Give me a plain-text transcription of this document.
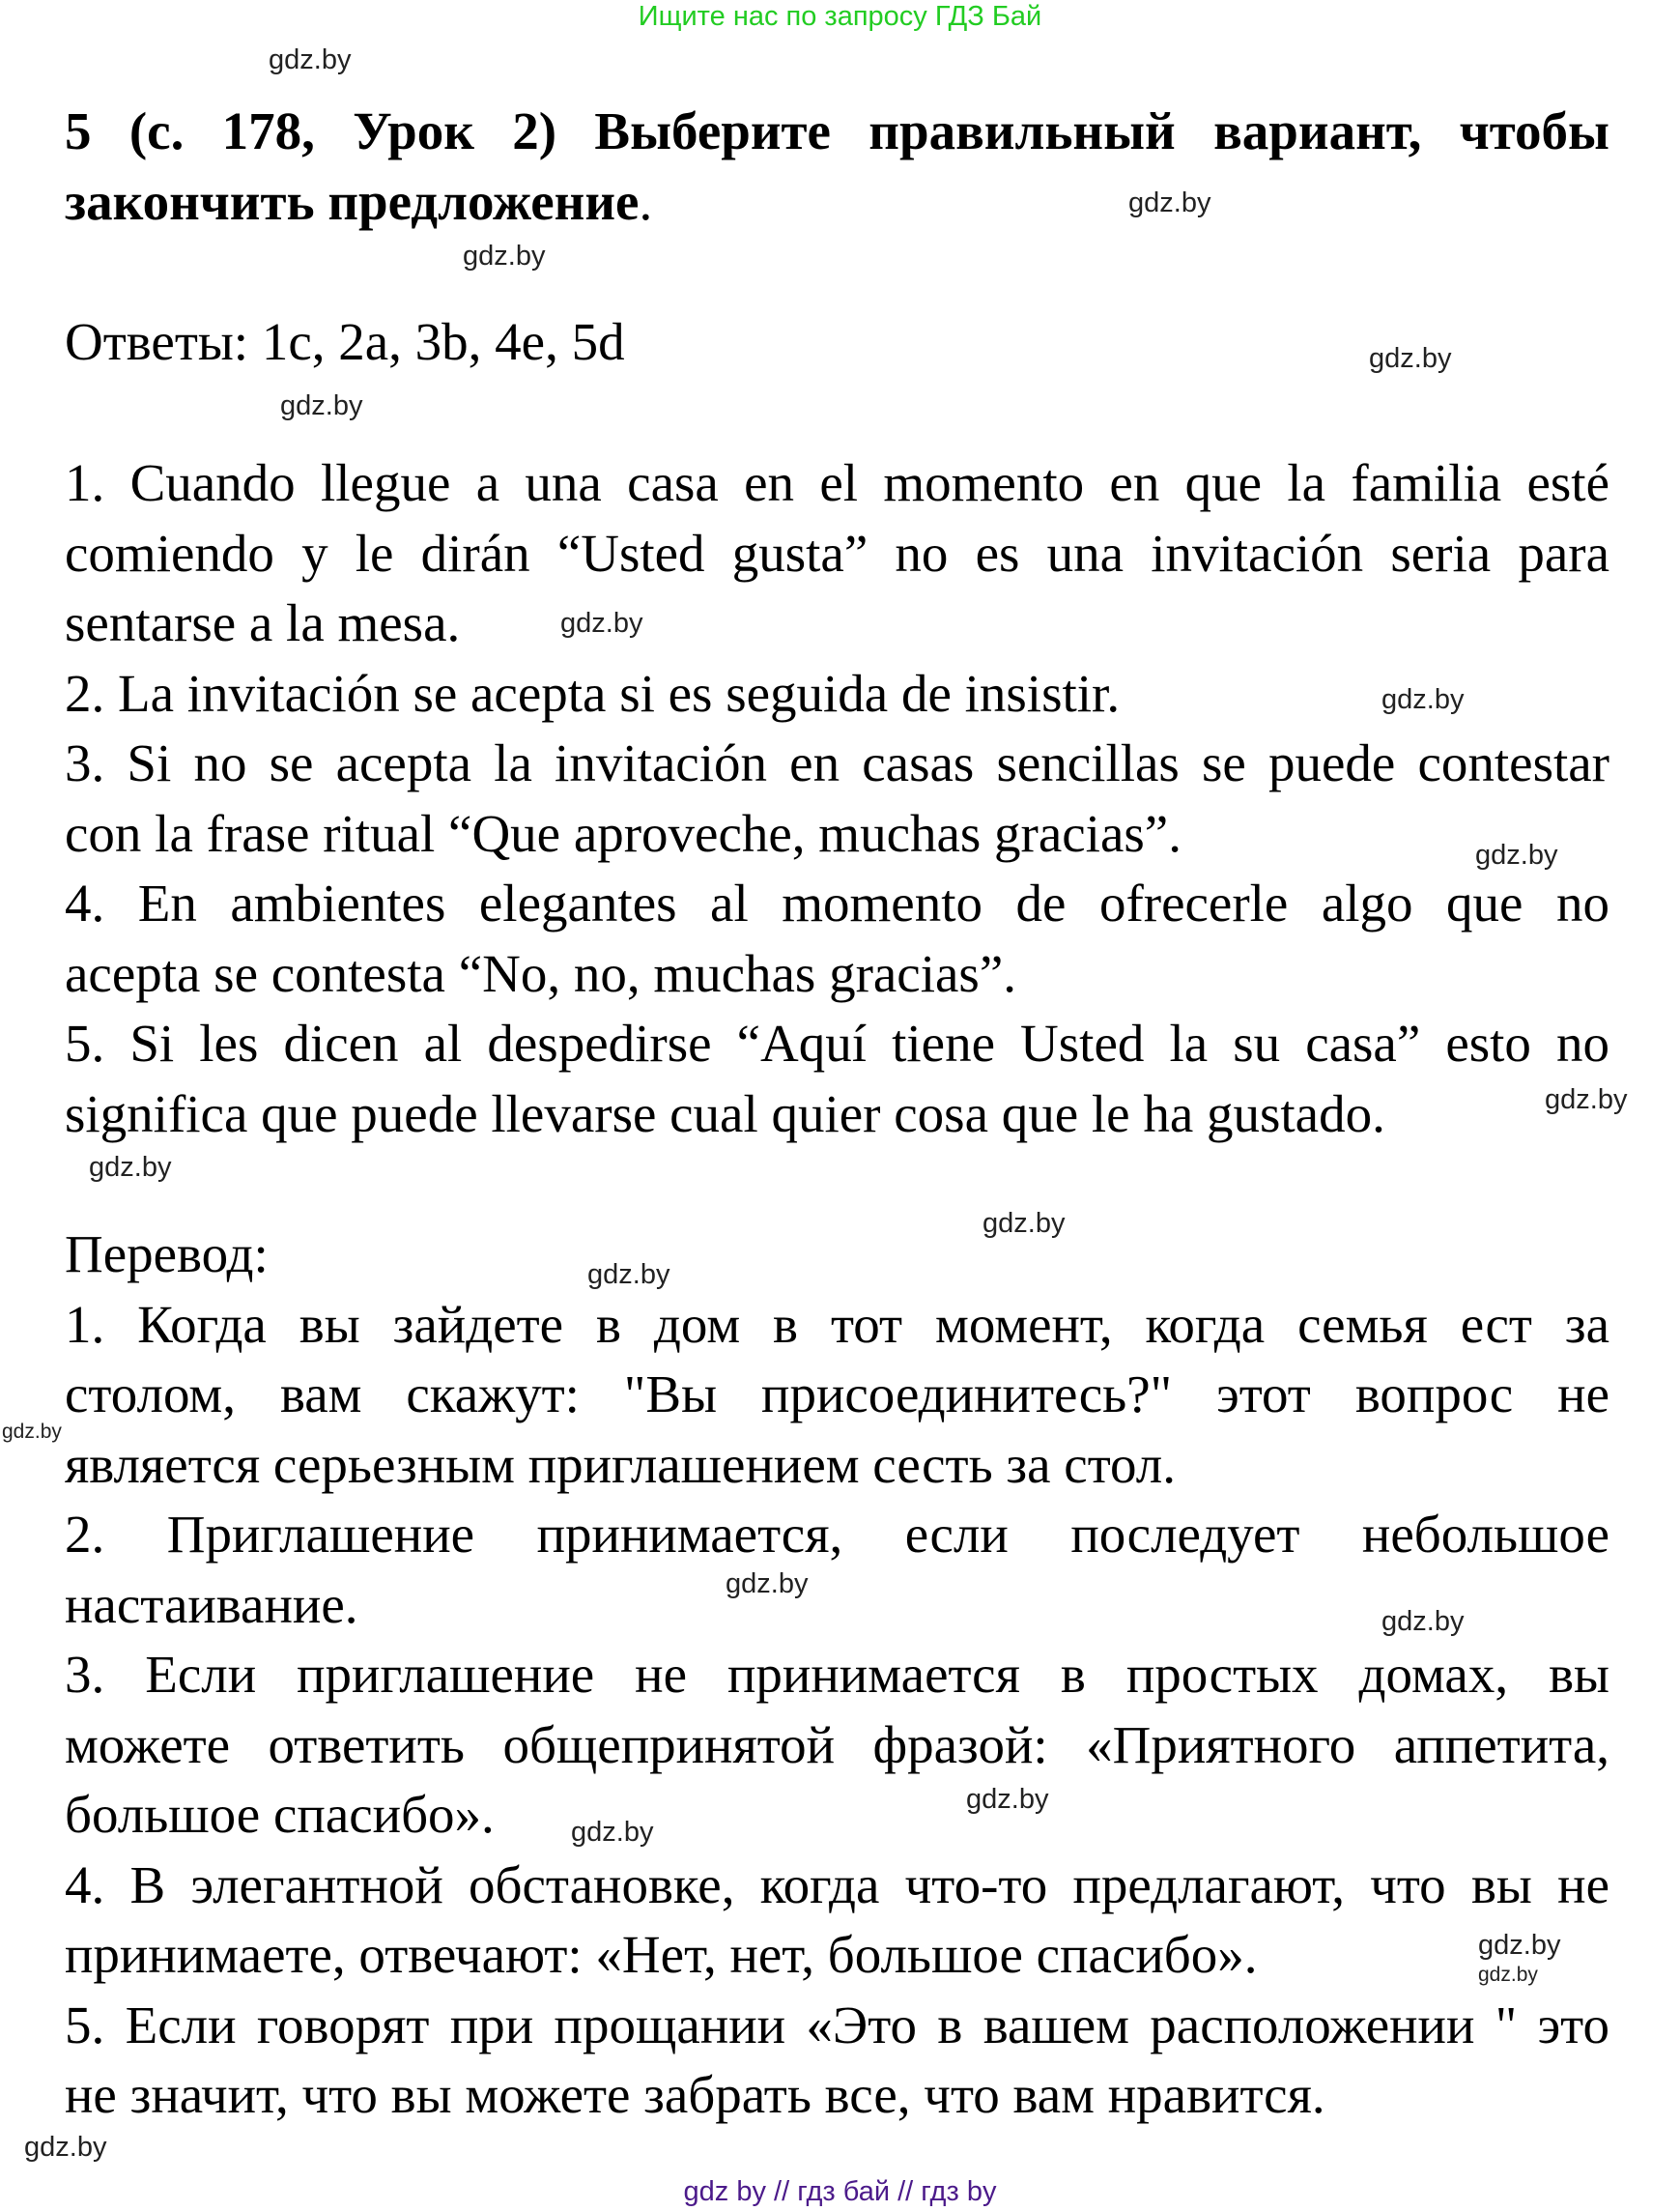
Ищите нас по запросу ГДЗ Бай
5 (с. 178, Урок 2) Выберите правильный вариант, чтобы
закончить предложение.
Ответы: 1c, 2a, 3b, 4e, 5d
1. Cuando llegue a una casa en el momento en que la familia esté
comiendo y le dirán “Usted gusta” no es una invitación seria para
sentarse a la mesa.
2. La invitación se acepta si es seguida de insistir.
3. Si no se acepta la invitación en casas sencillas se puede contestar
con la frase ritual “Que aproveche, muchas gracias”.
4. En ambientes elegantes al momento de ofrecerle algo que no
acepta se contesta “No, no, muchas gracias”.
5. Si les dicen al despedirse “Aquí tiene Usted la su casa” esto no
significa que puede llevarse cual quier cosa que le ha gustado.
Перевод:
1. Когда вы зайдете в дом в тот момент, когда семья ест за
столом, вам скажут: "Вы присоединитесь?" этот вопрос не
является серьезным приглашением сесть за стол.
2. Приглашение принимается, если последует небольшое
настаивание.
3. Если приглашение не принимается в простых домах, вы
можете ответить общепринятой фразой: «Приятного аппетита,
большое спасибо».
4. В элегантной обстановке, когда что-то предлагают, что вы не
принимаете, отвечают: «Нет, нет, большое спасибо».
5. Если говорят при прощании «Это в вашем расположении " это
не значит, что вы можете забрать все, что вам нравится.
gdz.by
gdz.by
gdz.by
gdz.by
gdz.by
gdz.by
gdz.by
gdz.by
gdz.by
gdz.by
gdz.by
gdz.by
gdz.by
gdz.by
gdz.by
gdz.by
gdz.by
gdz.by
gdz.by
gdz.by
gdz by // гдз бай // гдз by
